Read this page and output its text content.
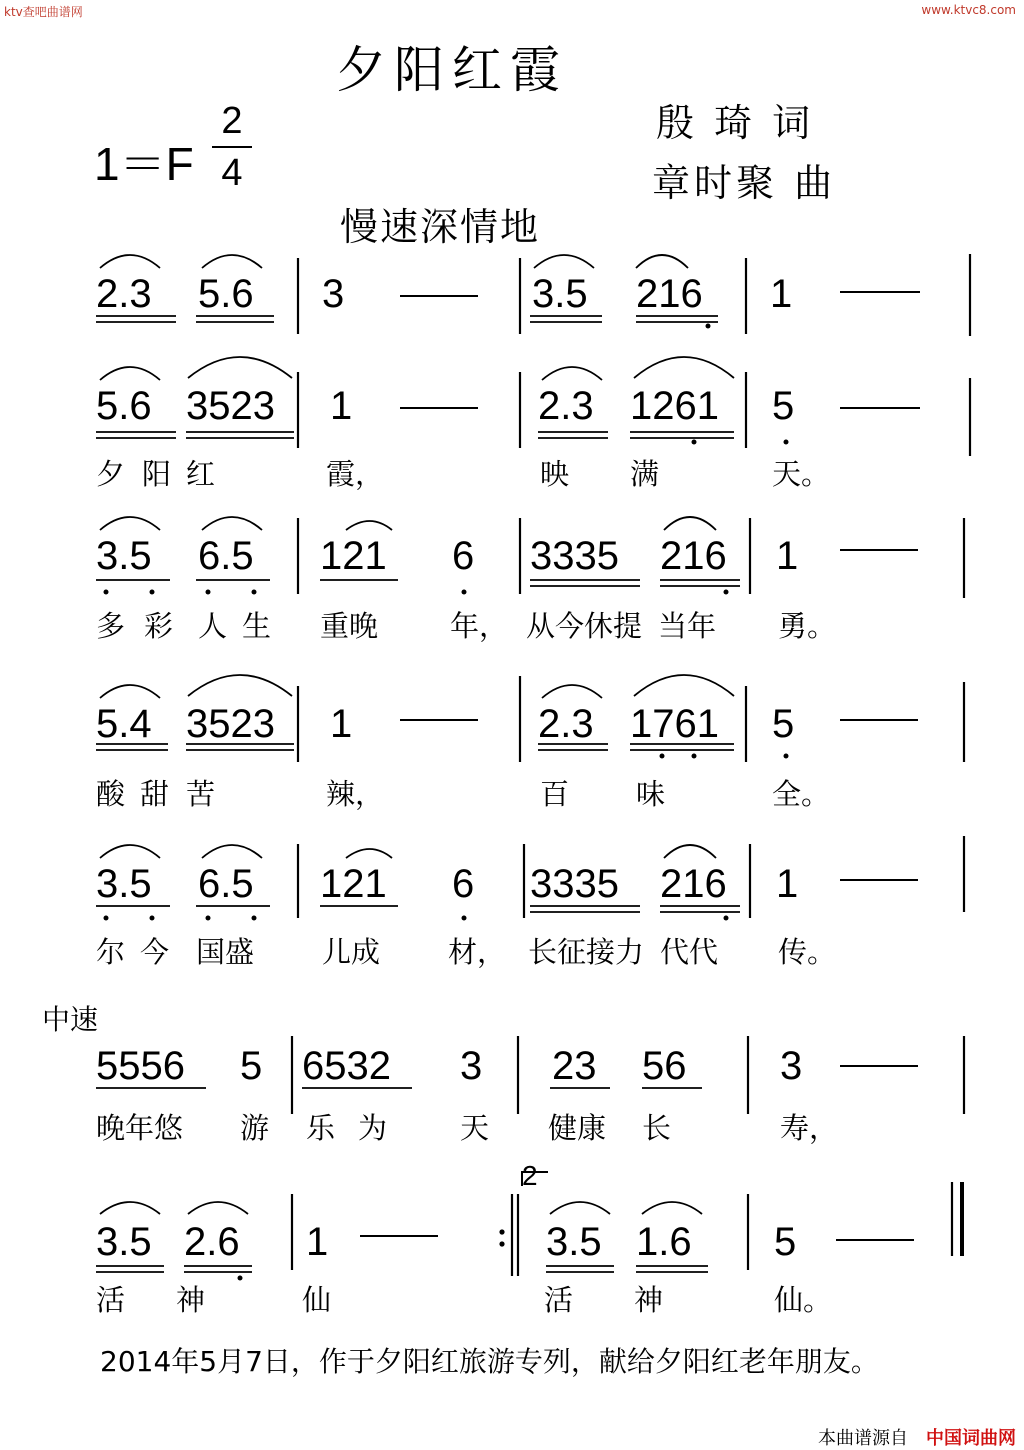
ktv查吧曲谱网	www.ktvc8.com
夕阳红霞
1＝F
2
4
殷 琦 词
章时聚 曲
慢速深情地
中速
2
2.3 5.6 3	3.5 216 1
5.6 3523 1	2.3 1261 5
夕 阳 红	霞，	映 满	天。
3.5 6.5 121 6 3335 216 1
多 彩 人 生 重晚 年， 从今休提 当年 勇。
5.4 3523 1	2.3 1761 5
酸 甜 苦	辣，	百 味	全。
3.5 6.5 121 6 3335 216 1
尔 今 国盛 儿成 材， 长征接力 代代 传。
5556 5 6532 3 23 56 3
晚年悠 游 乐 为	天 健康 长	寿，
3.5 2.6 1	3.5 1.6 5
活 神	仙	活 神	仙。
2014年5月7日，作于夕阳红旅游专列，献给夕阳红老年朋友。
本曲谱源自 中国词曲网
